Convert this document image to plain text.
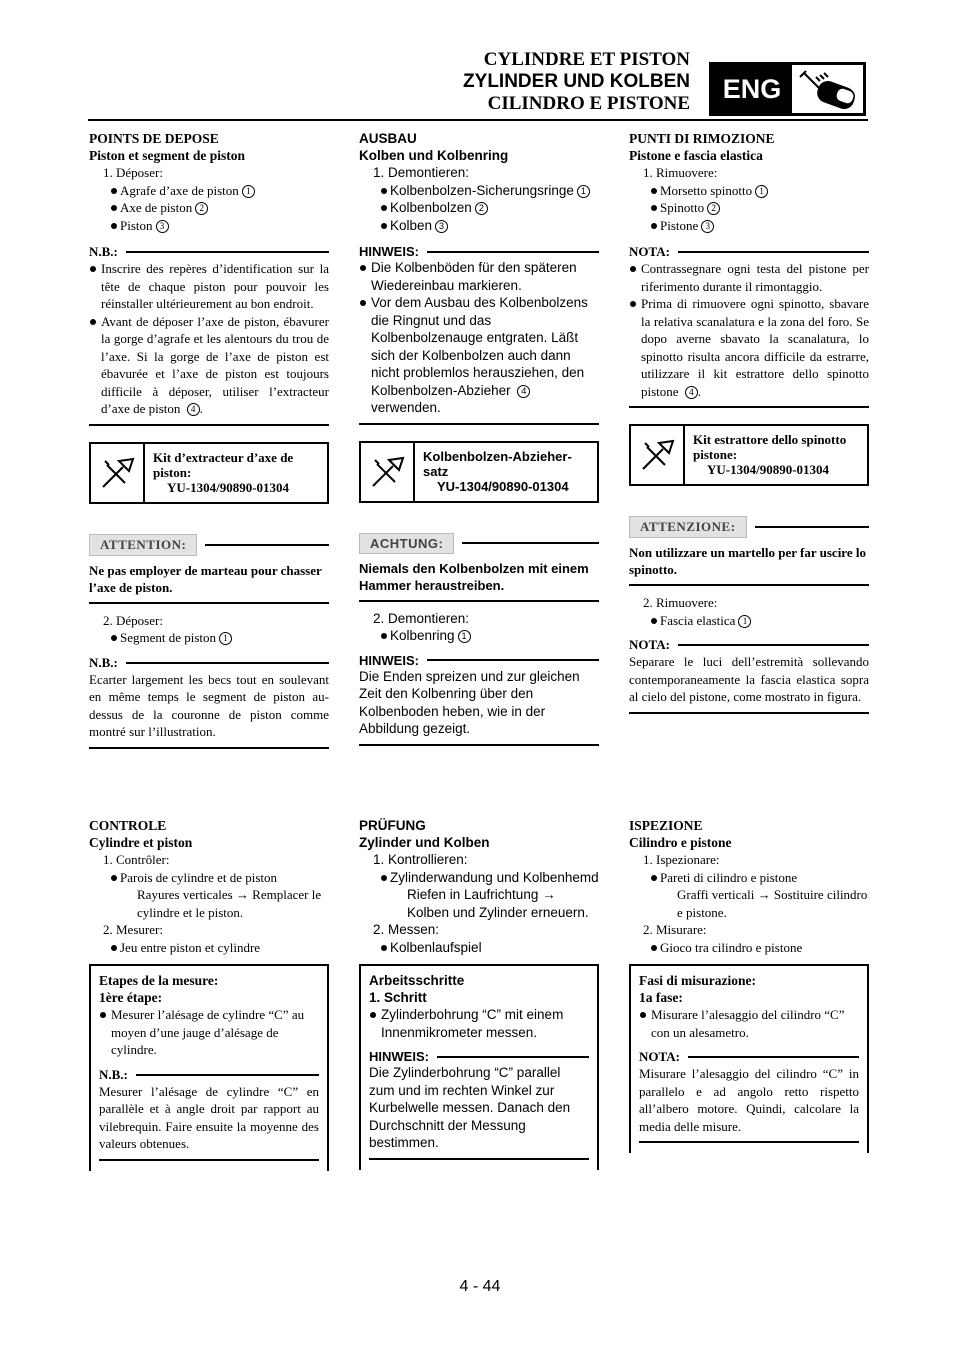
CYLINDRE ET PISTON
ZYLINDER UND KOLBEN
CILINDRO E PISTONE	ENG
POINTS DE DEPOSE
Piston et segment de piston
1. Déposer:
Agrafe d’axe de piston 1
Axe de piston 2
Piston 3
N.B.:
Inscrire des repères d’identification sur la tête de chaque piston pour pouvoir les réinstaller ultérieurement au bon endroit.
Avant de déposer l’axe de piston, ébavurer la gorge d’agrafe et les alentours du trou de l’axe. Si la gorge de l’axe de piston est ébavurée et l’axe de piston est toujours difficile à déposer, utiliser l’extracteur d’axe de piston 4 .
Kit d’extracteur d’axe de piston:
YU-1304/90890-01304
ATTENTION:
Ne pas employer de marteau pour chasser l’axe de piston.
2. Déposer:
Segment de piston 1
N.B.:
Ecarter largement les becs tout en soulevant en même temps le segment de piston au-dessus de la couronne de piston comme montré sur l’illustration.
AUSBAU
Kolben und Kolbenring
1. Demontieren:
Kolbenbolzen-Sicherungsringe 1
Kolbenbolzen 2
Kolben 3
HINWEIS:
Die Kolbenböden für den späteren Wiedereinbau markieren.
Vor dem Ausbau des Kolbenbolzens die Ringnut und das Kolbenbolzenauge entgraten. Läßt sich der Kolbenbolzen auch dann nicht problemlos herausziehen, den Kolbenbolzen-Abzieher 4 verwenden.
Kolbenbolzen-Abzieher-satz
YU-1304/90890-01304
ACHTUNG:
Niemals den Kolbenbolzen mit einem Hammer heraustreiben.
2. Demontieren:
Kolbenring 1
HINWEIS:
Die Enden spreizen und zur gleichen Zeit den Kolbenring über den Kolbenboden heben, wie in der Abbildung gezeigt.
PUNTI DI RIMOZIONE
Pistone e fascia elastica
1. Rimuovere:
Morsetto spinotto 1
Spinotto 2
Pistone 3
NOTA:
Contrassegnare ogni testa del pistone per riferimento durante il rimontaggio.
Prima di rimuovere ogni spinotto, sbavare la relativa scanalatura e la zona del foro. Se dopo averne sbavato la scanalatura, lo spinotto risulta ancora difficile da estrarre, utilizzare il kit estrattore dello spinotto pistone 4 .
Kit estrattore dello spinotto pistone:
YU-1304/90890-01304
ATTENZIONE:
Non utilizzare un martello per far uscire lo spinotto.
2. Rimuovere:
Fascia elastica 1
NOTA:
Separare le luci dell’estremità sollevando contemporaneamente la fascia elastica sopra al cielo del pistone, come mostrato in figura.
CONTROLE
Cylindre et piston
1. Contrôler:
Parois de cylindre et de piston
Rayures verticales → Remplacer le cylindre et le piston.
2. Mesurer:
Jeu entre piston et cylindre
Etapes de la mesure:
1ère étape:
Mesurer l’alésage de cylindre “C” au moyen d’une jauge d’alésage de cylindre.
N.B.:
Mesurer l’alésage de cylindre “C” en parallèle et à angle droit par rapport au vilebrequin. Faire ensuite la moyenne des valeurs obtenues.
PRÜFUNG
Zylinder und Kolben
1. Kontrollieren:
Zylinderwandung und Kolbenhemd
Riefen in Laufrichtung → Kolben und Zylinder erneuern.
2. Messen:
Kolbenlaufspiel
Arbeitsschritte
1. Schritt
Zylinderbohrung “C” mit einem Innenmikrometer messen.
HINWEIS:
Die Zylinderbohrung “C” parallel zum und im rechten Winkel zur Kurbelwelle messen. Danach den Durchschnitt der Messung bestimmen.
ISPEZIONE
Cilindro e pistone
1. Ispezionare:
Pareti di cilindro e pistone
Graffi verticali → Sostituire cilindro e pistone.
2. Misurare:
Gioco tra cilindro e pistone
Fasi di misurazione:
1a fase:
Misurare l’alesaggio del cilindro “C” con un alesametro.
NOTA:
Misurare l’alesaggio del cilindro “C” in parallelo e ad angolo retto rispetto all’albero motore. Quindi, calcolare la media delle misure.
4 - 44
